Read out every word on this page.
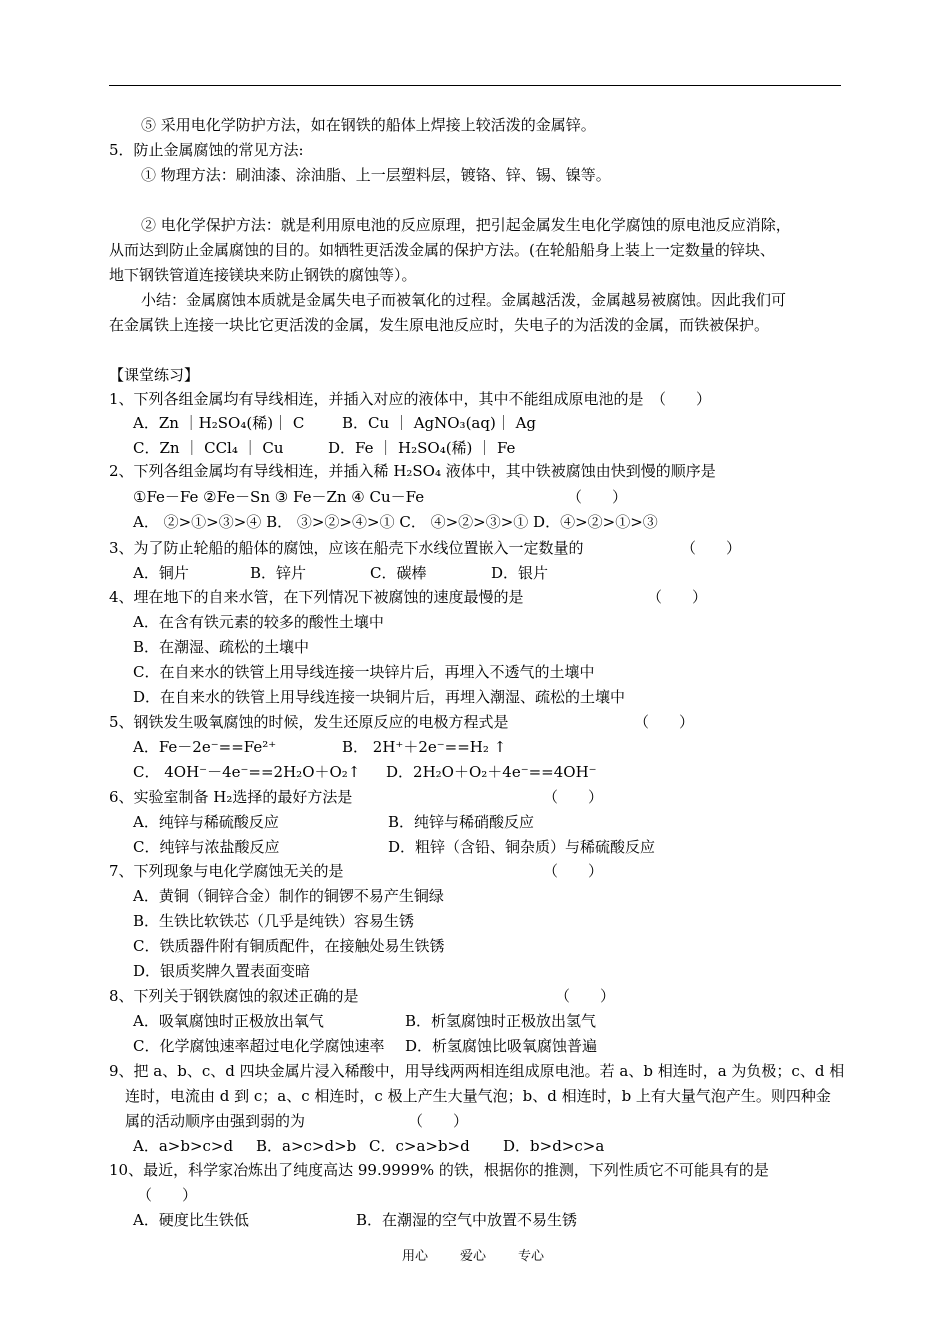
⑤ 采用电化学防护方法，如在钢铁的船体上焊接上较活泼的金属锌。
5．防止金属腐蚀的常见方法:
① 物理方法：刷油漆、涂油脂、上一层塑料层，镀铬、锌、锡、镍等。
② 电化学保护方法：就是利用原电池的反应原理，把引起金属发生电化学腐蚀的原电池反应消除，
从而达到防止金属腐蚀的目的。如牺牲更活泼金属的保护方法。(在轮船船身上装上一定数量的锌块、
地下钢铁管道连接镁块来防止钢铁的腐蚀等）。
小结：金属腐蚀本质就是金属失电子而被氧化的过程。金属越活泼，金属越易被腐蚀。因此我们可
在金属铁上连接一块比它更活泼的金属，发生原电池反应时，失电子的为活泼的金属，而铁被保护。
【课堂练习】
1、下列各组金属均有导线相连，并插入对应的液体中，其中不能组成原电池的是　（　　）
A．Zn ｜H₂SO₄(稀)｜ C	B．Cu ｜ AgNO₃(aq)｜ Ag
C．Zn ｜ CCl₄ ｜ Cu	D．Fe ｜ H₂SO₄(稀) ｜ Fe
2、下列各组金属均有导线相连，并插入稀 H₂SO₄ 液体中，其中铁被腐蚀由快到慢的顺序是
①Fe－Fe ②Fe－Sn ③ Fe－Zn ④ Cu－Fe	（　　）
A． ②>①>③>④ B． ③>②>④>① C． ④>②>③>① D．④>②>①>③
3、为了防止轮船的船体的腐蚀，应该在船壳下水线位置嵌入一定数量的	（　　）
A．铜片	B．锌片	C．碳棒	D．银片
4、埋在地下的自来水管，在下列情况下被腐蚀的速度最慢的是	（　　）
A．在含有铁元素的较多的酸性土壤中
B．在潮湿、疏松的土壤中
C．在自来水的铁管上用导线连接一块锌片后，再埋入不透气的土壤中
D．在自来水的铁管上用导线连接一块铜片后，再埋入潮湿、疏松的土壤中
5、钢铁发生吸氧腐蚀的时候，发生还原反应的电极方程式是	（　　）
A．Fe－2e⁻==Fe²⁺	B． 2H⁺＋2e⁻==H₂ ↑
C． 4OH⁻－4e⁻==2H₂O＋O₂↑ D．2H₂O＋O₂＋4e⁻==4OH⁻
6、实验室制备 H₂选择的最好方法是	（　　）
A．纯锌与稀硫酸反应	B．纯锌与稀硝酸反应
C．纯锌与浓盐酸反应	D．粗锌（含铅、铜杂质）与稀硫酸反应
7、下列现象与电化学腐蚀无关的是	（　　）
A．黄铜（铜锌合金）制作的铜锣不易产生铜绿
B．生铁比软铁芯（几乎是纯铁）容易生锈
C．铁质器件附有铜质配件，在接触处易生铁锈
D．银质奖牌久置表面变暗
8、下列关于钢铁腐蚀的叙述正确的是	（　　）
A．吸氧腐蚀时正极放出氧气	B．析氢腐蚀时正极放出氢气
C．化学腐蚀速率超过电化学腐蚀速率 D．析氢腐蚀比吸氧腐蚀普遍
9、把 a、b、c、d 四块金属片浸入稀酸中，用导线两两相连组成原电池。若 a、b 相连时，a 为负极；c、d 相
连时，电流由 d 到 c；a、c 相连时，c 极上产生大量气泡；b、d 相连时，b 上有大量气泡产生。则四种金
属的活动顺序由强到弱的为	（　　）
A．a>b>c>d B．a>c>d>b C．c>a>b>d D．b>d>c>a
10、最近，科学家冶炼出了纯度高达 99.9999% 的铁，根据你的推测，下列性质它不可能具有的是
（　　）
A．硬度比生铁低	B．在潮湿的空气中放置不易生锈
用心 爱心 专心
